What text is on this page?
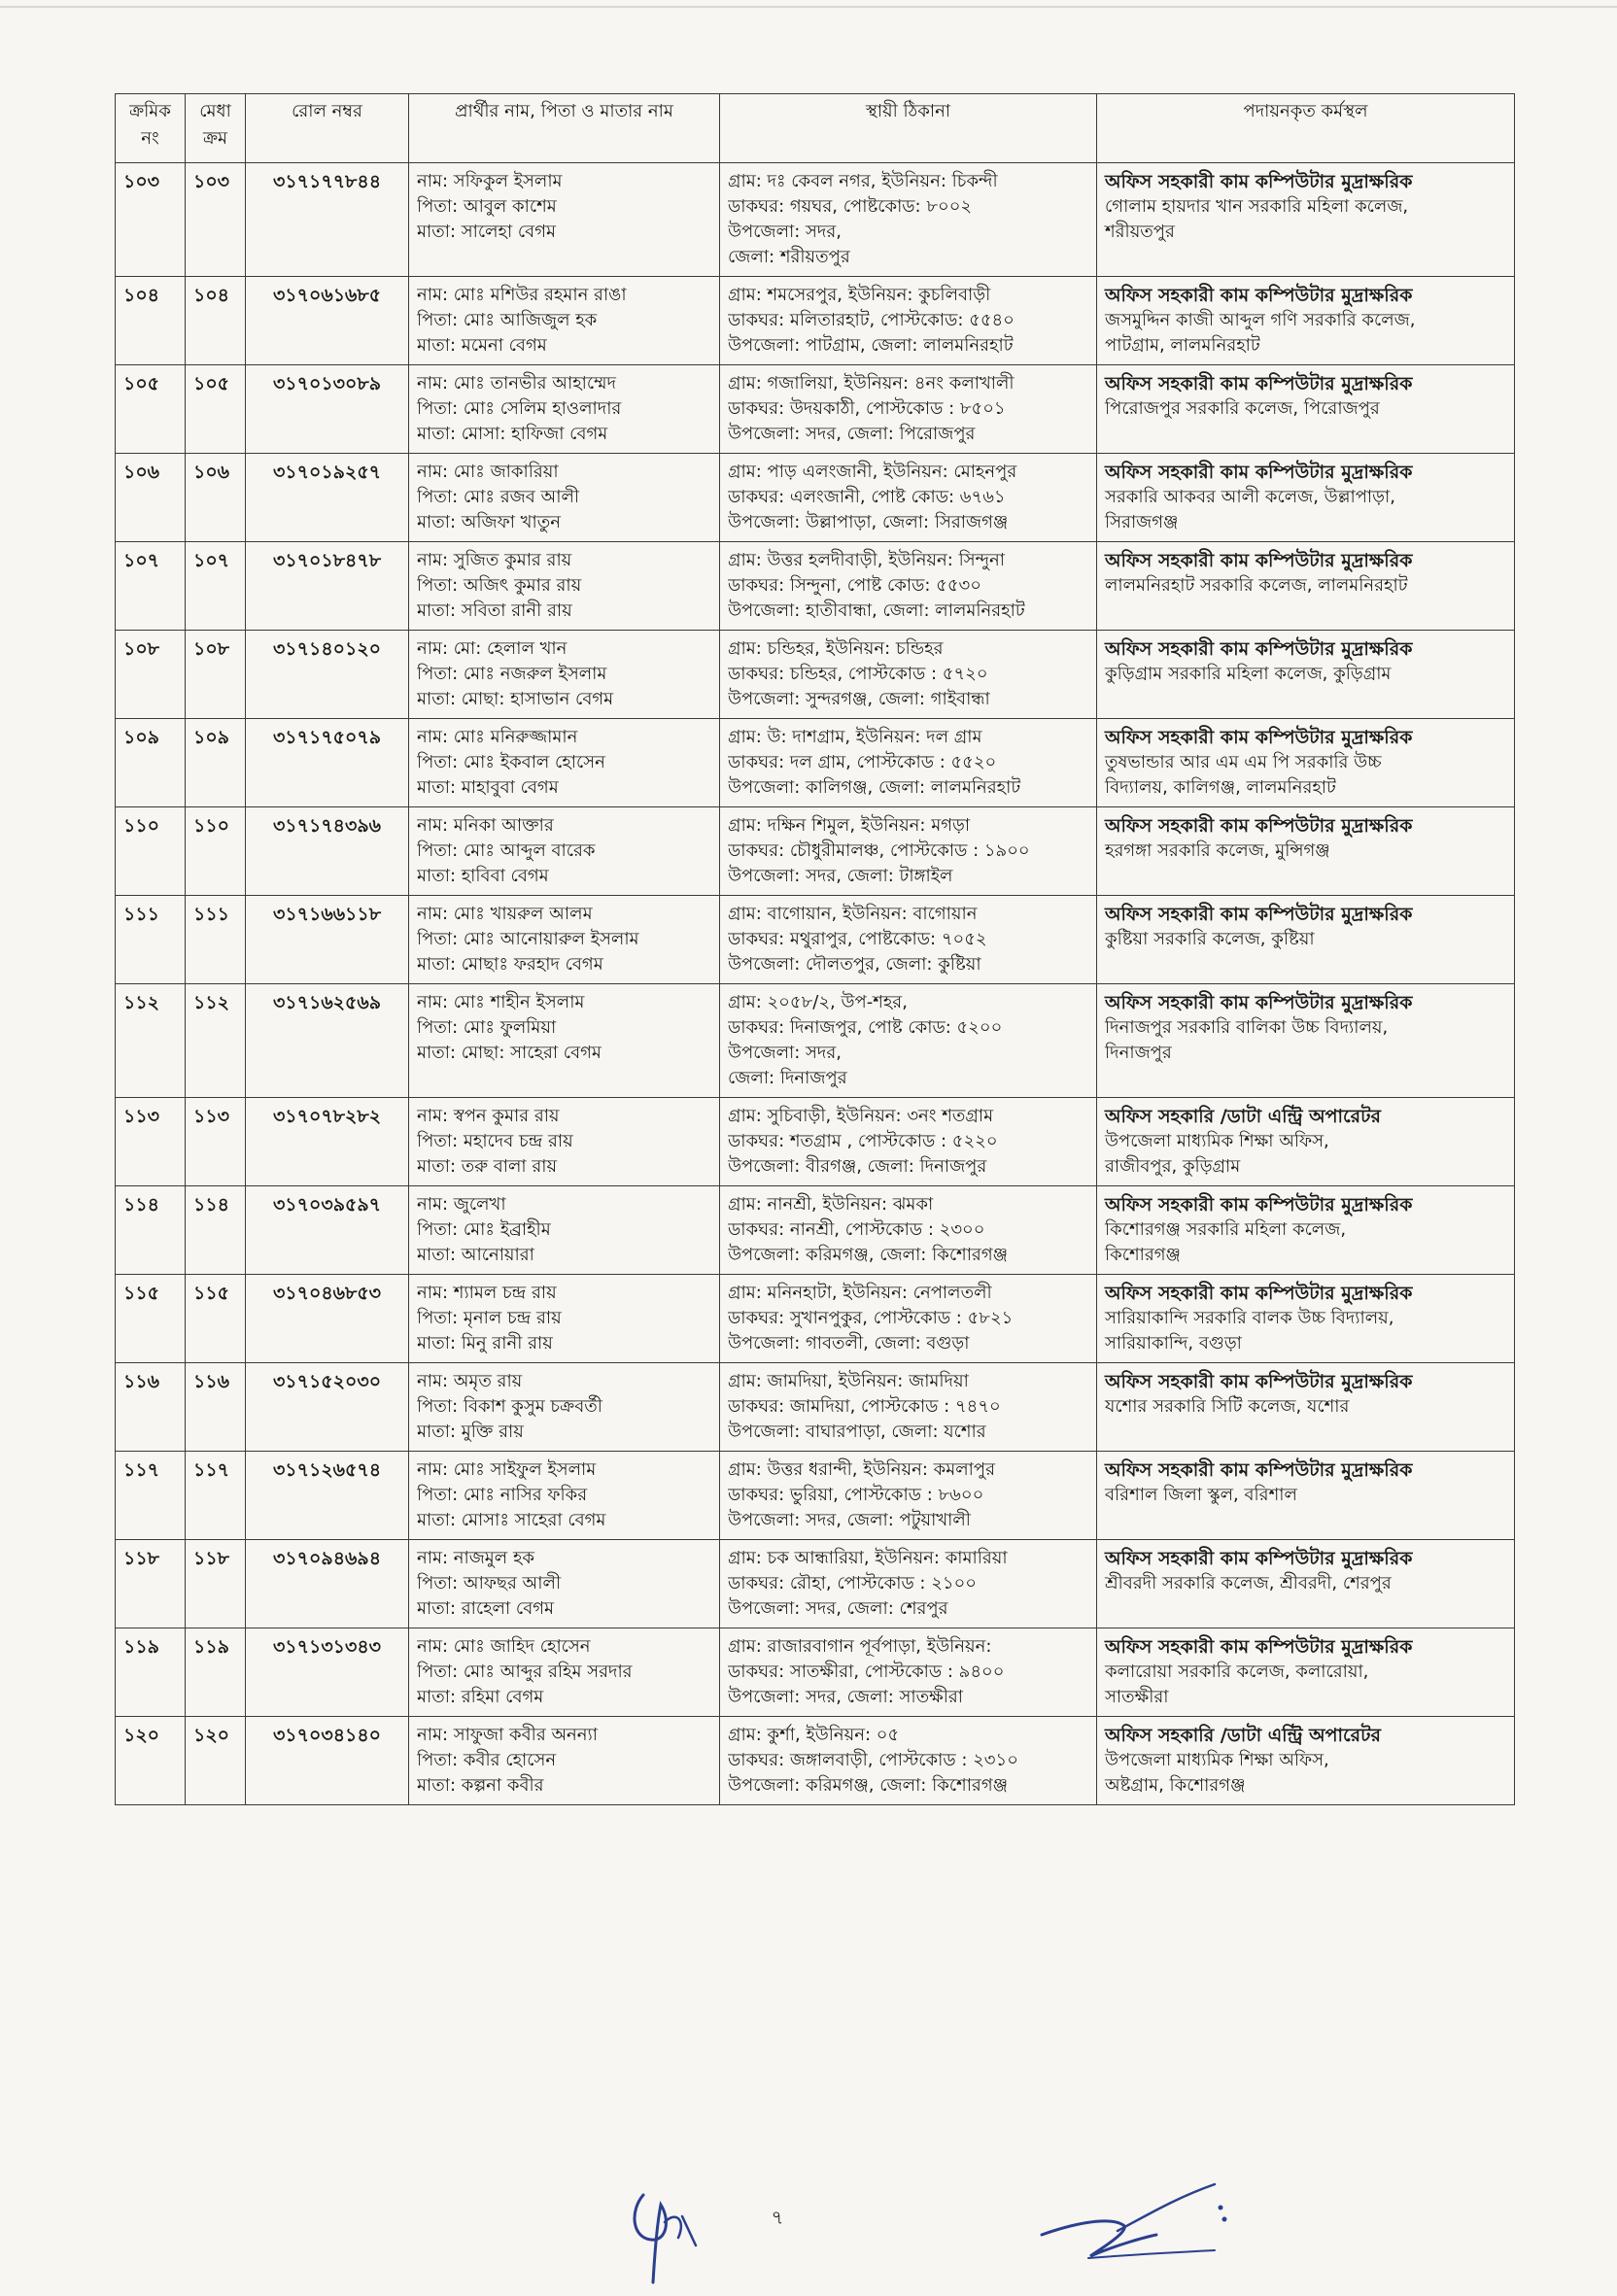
ক্রমিক নং	মেধা ক্রম	রোল নম্বর	প্রার্থীর নাম, পিতা ও মাতার নাম	স্থায়ী ঠিকানা	পদায়নকৃত কর্মস্থল
১০৩	১০৩	৩১৭১৭৭৮৪৪	নাম: সফিকুল ইসলাম
পিতা: আবুল কাশেম
মাতা: সালেহা বেগম	গ্রাম: দঃ কেবল নগর, ইউনিয়ন: চিকন্দী
ডাকঘর: গয়ঘর, পোষ্টকোড: ৮০০২
উপজেলা: সদর,
জেলা: শরীয়তপুর	অফিস সহকারী কাম কম্পিউটার মুদ্রাক্ষরিক
গোলাম হায়দার খান সরকারি মহিলা কলেজ,
শরীয়তপুর

১০৪	১০৪	৩১৭০৬১৬৮৫	নাম: মোঃ মশিউর রহমান রাঙা
পিতা: মোঃ আজিজুল হক
মাতা: মমেনা বেগম	গ্রাম: শমসেরপুর, ইউনিয়ন: কুচলিবাড়ী
ডাকঘর: মলিতারহাট, পোস্টকোড: ৫৫৪০
উপজেলা: পাটগ্রাম, জেলা: লালমনিরহাট	অফিস সহকারী কাম কম্পিউটার মুদ্রাক্ষরিক
জসমুদ্দিন কাজী আব্দুল গণি সরকারি কলেজ,
পাটগ্রাম, লালমনিরহাট

১০৫	১০৫	৩১৭০১৩০৮৯	নাম: মোঃ তানভীর আহাম্মেদ
পিতা: মোঃ সেলিম হাওলাদার
মাতা: মোসা: হাফিজা বেগম	গ্রাম: গজালিয়া, ইউনিয়ন: ৪নং কলাখালী
ডাকঘর: উদয়কাঠী, পোস্টকোড : ৮৫০১
উপজেলা: সদর, জেলা: পিরোজপুর	অফিস সহকারী কাম কম্পিউটার মুদ্রাক্ষরিক
পিরোজপুর সরকারি কলেজ, পিরোজপুর

১০৬	১০৬	৩১৭০১৯২৫৭	নাম: মোঃ জাকারিয়া
পিতা: মোঃ রজব আলী
মাতা: অজিফা খাতুন	গ্রাম: পাড় এলংজানী, ইউনিয়ন: মোহনপুর
ডাকঘর: এলংজানী, পোষ্ট কোড: ৬৭৬১
উপজেলা: উল্লাপাড়া, জেলা: সিরাজগঞ্জ	অফিস সহকারী কাম কম্পিউটার মুদ্রাক্ষরিক
সরকারি আকবর আলী কলেজ, উল্লাপাড়া,
সিরাজগঞ্জ

১০৭	১০৭	৩১৭০১৮৪৭৮	নাম: সুজিত কুমার রায়
পিতা: অজিৎ কুমার রায়
মাতা: সবিতা রানী রায়	গ্রাম: উত্তর হলদীবাড়ী, ইউনিয়ন: সিন্দুনা
ডাকঘর: সিন্দুনা, পোষ্ট কোড: ৫৫৩০
উপজেলা: হাতীবান্ধা, জেলা: লালমনিরহাট	অফিস সহকারী কাম কম্পিউটার মুদ্রাক্ষরিক
লালমনিরহাট সরকারি কলেজ, লালমনিরহাট

১০৮	১০৮	৩১৭১৪০১২০	নাম: মো: হেলাল খান
পিতা: মোঃ নজরুল ইসলাম
মাতা: মোছা: হাসাভান বেগম	গ্রাম: চন্ডিহর, ইউনিয়ন: চন্ডিহর
ডাকঘর: চন্ডিহর, পোস্টকোড : ৫৭২০
উপজেলা: সুন্দরগঞ্জ, জেলা: গাইবান্ধা	অফিস সহকারী কাম কম্পিউটার মুদ্রাক্ষরিক
কুড়িগ্রাম সরকারি মহিলা কলেজ, কুড়িগ্রাম

১০৯	১০৯	৩১৭১৭৫০৭৯	নাম: মোঃ মনিরুজ্জামান
পিতা: মোঃ ইকবাল হোসেন
মাতা: মাহাবুবা বেগম	গ্রাম: উ: দাশগ্রাম, ইউনিয়ন: দল গ্রাম
ডাকঘর: দল গ্রাম, পোস্টকোড : ৫৫২০
উপজেলা: কালিগঞ্জ, জেলা: লালমনিরহাট	অফিস সহকারী কাম কম্পিউটার মুদ্রাক্ষরিক
তুষভান্ডার আর এম এম পি সরকারি উচ্চ
বিদ্যালয়, কালিগঞ্জ, লালমনিরহাট

১১০	১১০	৩১৭১৭৪৩৯৬	নাম: মনিকা আক্তার
পিতা: মোঃ আব্দুল বারেক
মাতা: হাবিবা বেগম	গ্রাম: দক্ষিন শিমুল, ইউনিয়ন: মগড়া
ডাকঘর: চৌধুরীমালঞ্চ, পোস্টকোড : ১৯০০
উপজেলা: সদর, জেলা: টাঙ্গাইল	অফিস সহকারী কাম কম্পিউটার মুদ্রাক্ষরিক
হরগঙ্গা সরকারি কলেজ, মুন্সিগঞ্জ

১১১	১১১	৩১৭১৬৬১১৮	নাম: মোঃ খায়রুল আলম
পিতা: মোঃ আনোয়ারুল ইসলাম
মাতা: মোছাঃ ফরহাদ বেগম	গ্রাম: বাগোয়ান, ইউনিয়ন: বাগোয়ান
ডাকঘর: মথুরাপুর, পোষ্টকোড: ৭০৫২
উপজেলা: দৌলতপুর, জেলা: কুষ্টিয়া	অফিস সহকারী কাম কম্পিউটার মুদ্রাক্ষরিক
কুষ্টিয়া সরকারি কলেজ, কুষ্টিয়া

১১২	১১২	৩১৭১৬২৫৬৯	নাম: মোঃ শাহীন ইসলাম
পিতা: মোঃ ফুলমিয়া
মাতা: মোছা: সাহেরা বেগম	গ্রাম: ২০৫৮/২, উপ-শহর,
ডাকঘর: দিনাজপুর, পোষ্ট কোড: ৫২০০
উপজেলা: সদর,
জেলা: দিনাজপুর	অফিস সহকারী কাম কম্পিউটার মুদ্রাক্ষরিক
দিনাজপুর সরকারি বালিকা উচ্চ বিদ্যালয়,
দিনাজপুর

১১৩	১১৩	৩১৭০৭৮২৮২	নাম: স্বপন কুমার রায়
পিতা: মহাদেব চন্দ্র রায়
মাতা: তরু বালা রায়	গ্রাম: সুচিবাড়ী, ইউনিয়ন: ৩নং শতগ্রাম
ডাকঘর: শতগ্রাম , পোস্টকোড : ৫২২০
উপজেলা: বীরগঞ্জ, জেলা: দিনাজপুর	অফিস সহকারি /ডাটা এন্ট্রি অপারেটর
উপজেলা মাধ্যমিক শিক্ষা অফিস,
রাজীবপুর, কুড়িগ্রাম

১১৪	১১৪	৩১৭০৩৯৫৯৭	নাম: জুলেখা
পিতা: মোঃ ইব্রাহীম
মাতা: আনোয়ারা	গ্রাম: নানশ্রী, ইউনিয়ন: ঝমকা
ডাকঘর: নানশ্রী, পোস্টকোড : ২৩০০
উপজেলা: করিমগঞ্জ, জেলা: কিশোরগঞ্জ	অফিস সহকারী কাম কম্পিউটার মুদ্রাক্ষরিক
কিশোরগঞ্জ সরকারি মহিলা কলেজ,
কিশোরগঞ্জ

১১৫	১১৫	৩১৭০৪৬৮৫৩	নাম: শ্যামল চন্দ্র রায়
পিতা: মৃনাল চন্দ্র রায়
মাতা: মিনু রানী রায়	গ্রাম: মনিনহাটা, ইউনিয়ন: নেপালতলী
ডাকঘর: সুখানপুকুর, পোস্টকোড : ৫৮২১
উপজেলা: গাবতলী, জেলা: বগুড়া	অফিস সহকারী কাম কম্পিউটার মুদ্রাক্ষরিক
সারিয়াকান্দি সরকারি বালক উচ্চ বিদ্যালয়,
সারিয়াকান্দি, বগুড়া

১১৬	১১৬	৩১৭১৫২০৩০	নাম: অমৃত রায়
পিতা: বিকাশ কুসুম চক্রবর্তী
মাতা: মুক্তি রায়	গ্রাম: জামদিয়া, ইউনিয়ন: জামদিয়া
ডাকঘর: জামদিয়া, পোস্টকোড : ৭৪৭০
উপজেলা: বাঘারপাড়া, জেলা: যশোর	অফিস সহকারী কাম কম্পিউটার মুদ্রাক্ষরিক
যশোর সরকারি সিটি কলেজ, যশোর

১১৭	১১৭	৩১৭১২৬৫৭৪	নাম: মোঃ সাইফুল ইসলাম
পিতা: মোঃ নাসির ফকির
মাতা: মোসাঃ সাহেরা বেগম	গ্রাম: উত্তর ধরান্দী, ইউনিয়ন: কমলাপুর
ডাকঘর: ভুরিয়া, পোস্টকোড : ৮৬০০
উপজেলা: সদর, জেলা: পটুয়াখালী	অফিস সহকারী কাম কম্পিউটার মুদ্রাক্ষরিক
বরিশাল জিলা স্কুল, বরিশাল

১১৮	১১৮	৩১৭০৯৪৬৯৪	নাম: নাজমুল হক
পিতা: আফছর আলী
মাতা: রাহেলা বেগম	গ্রাম: চক আন্ধারিয়া, ইউনিয়ন: কামারিয়া
ডাকঘর: রৌহা, পোস্টকোড : ২১০০
উপজেলা: সদর, জেলা: শেরপুর	অফিস সহকারী কাম কম্পিউটার মুদ্রাক্ষরিক
শ্রীবরদী সরকারি কলেজ, শ্রীবরদী, শেরপুর

১১৯	১১৯	৩১৭১৩১৩৪৩	নাম: মোঃ জাহিদ হোসেন
পিতা: মোঃ আব্দুর রহিম সরদার
মাতা: রহিমা বেগম	গ্রাম: রাজারবাগান পূর্বপাড়া, ইউনিয়ন:
ডাকঘর: সাতক্ষীরা, পোস্টকোড : ৯৪০০
উপজেলা: সদর, জেলা: সাতক্ষীরা	অফিস সহকারী কাম কম্পিউটার মুদ্রাক্ষরিক
কলারোয়া সরকারি কলেজ, কলারোয়া,
সাতক্ষীরা

১২০	১২০	৩১৭০৩৪১৪০	নাম: সাফুজা কবীর অনন্যা
পিতা: কবীর হোসেন
মাতা: কল্পনা কবীর	গ্রাম: কুর্শা, ইউনিয়ন: ০৫
ডাকঘর: জঙ্গালবাড়ী, পোস্টকোড : ২৩১০
উপজেলা: করিমগঞ্জ, জেলা: কিশোরগঞ্জ	অফিস সহকারি /ডাটা এন্ট্রি অপারেটর
উপজেলা মাধ্যমিক শিক্ষা অফিস,
অষ্টগ্রাম, কিশোরগঞ্জ
৭
